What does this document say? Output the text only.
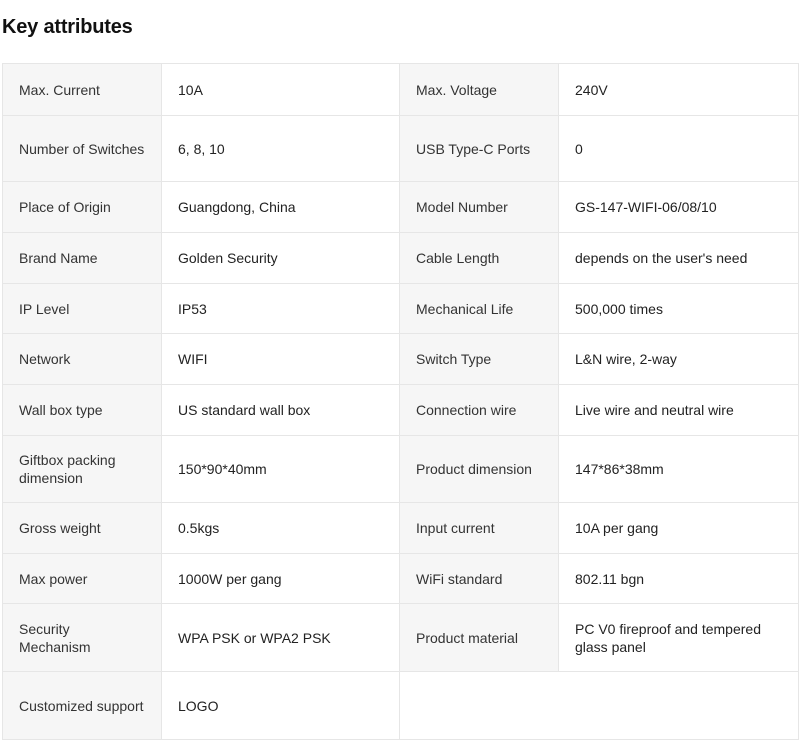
Key attributes
Max. Current	10A	Max. Voltage	240V
Number of Switches	6, 8, 10	USB Type-C Ports	0
Place of Origin	Guangdong, China	Model Number	GS-147-WIFI-06/08/10
Brand Name	Golden Security	Cable Length	depends on the user's need
IP Level	IP53	Mechanical Life	500,000 times
Network	WIFI	Switch Type	L&N wire, 2-way
Wall box type	US standard wall box	Connection wire	Live wire and neutral wire
Giftbox packing dimension	150*90*40mm	Product dimension	147*86*38mm
Gross weight	0.5kgs	Input current	10A per gang
Max power	1000W per gang	WiFi standard	802.11 bgn
Security Mechanism	WPA PSK or WPA2 PSK	Product material	PC V0 fireproof and tempered glass panel
Customized support	LOGO		
